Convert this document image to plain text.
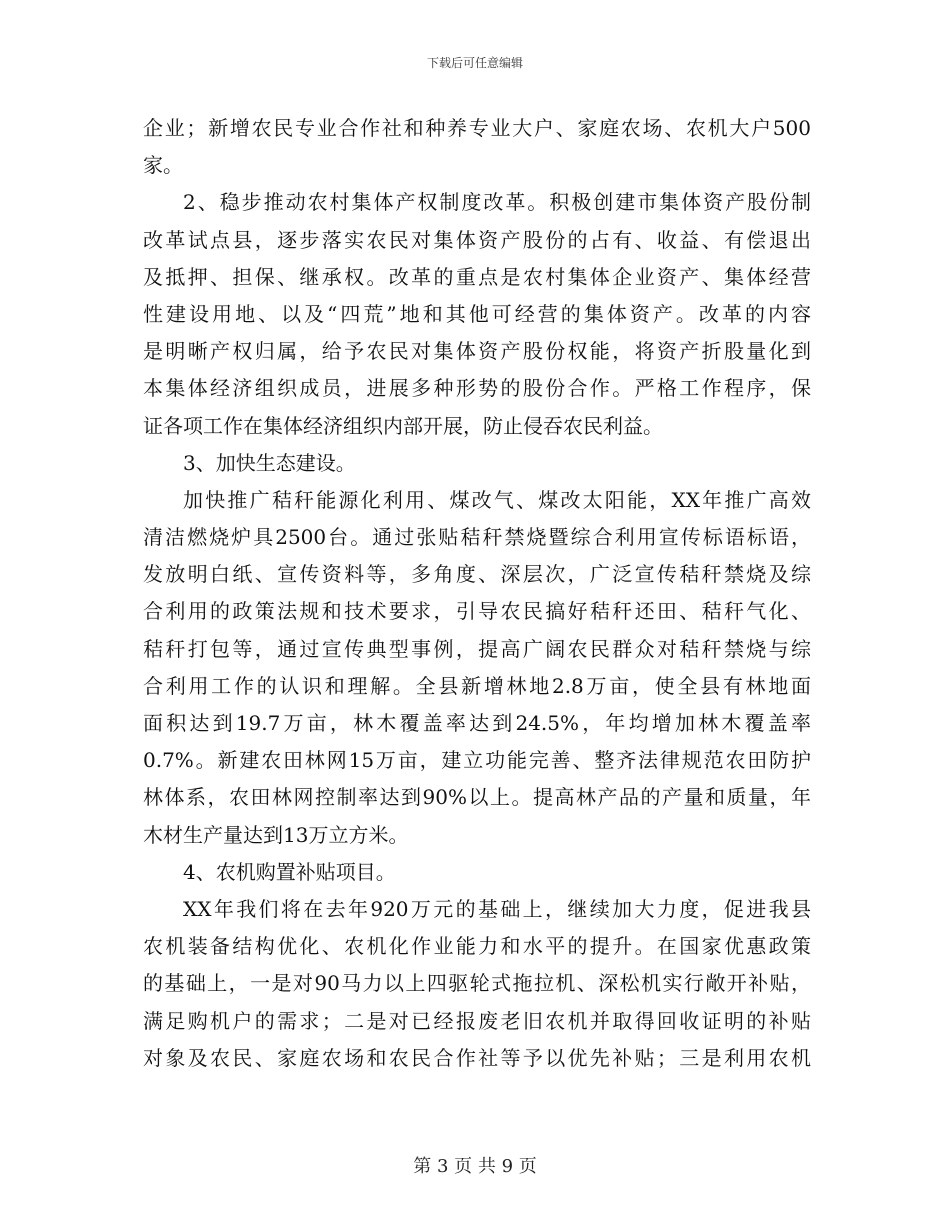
下载后可任意编辑
企业；新增农民专业合作社和种养专业大户、家庭农场、农机大户500
家。
2、稳步推动农村集体产权制度改革。积极创建市集体资产股份制
改革试点县，逐步落实农民对集体资产股份的占有、收益、有偿退出
及抵押、担保、继承权。改革的重点是农村集体企业资产、集体经营
性建设用地、以及“四荒”地和其他可经营的集体资产。改革的内容
是明晰产权归属，给予农民对集体资产股份权能，将资产折股量化到
本集体经济组织成员，进展多种形势的股份合作。严格工作程序，保
证各项工作在集体经济组织内部开展，防止侵吞农民利益。
3、加快生态建设。
加快推广秸秆能源化利用、煤改气、煤改太阳能，XX年推广高效
清洁燃烧炉具2500台。通过张贴秸秆禁烧暨综合利用宣传标语标语，
发放明白纸、宣传资料等，多角度、深层次，广泛宣传秸秆禁烧及综
合利用的政策法规和技术要求，引导农民搞好秸秆还田、秸秆气化、
秸秆打包等，通过宣传典型事例，提高广阔农民群众对秸秆禁烧与综
合利用工作的认识和理解。全县新增林地2.8万亩，使全县有林地面
面积达到19.7万亩，林木覆盖率达到24.5%，年均增加林木覆盖率
0.7%。新建农田林网15万亩，建立功能完善、整齐法律规范农田防护
林体系，农田林网控制率达到90%以上。提高林产品的产量和质量，年
木材生产量达到13万立方米。
4、农机购置补贴项目。
XX年我们将在去年920万元的基础上，继续加大力度，促进我县
农机装备结构优化、农机化作业能力和水平的提升。在国家优惠政策
的基础上，一是对90马力以上四驱轮式拖拉机、深松机实行敞开补贴，
满足购机户的需求；二是对已经报废老旧农机并取得回收证明的补贴
对象及农民、家庭农场和农民合作社等予以优先补贴；三是利用农机
第 3 页 共 9 页
